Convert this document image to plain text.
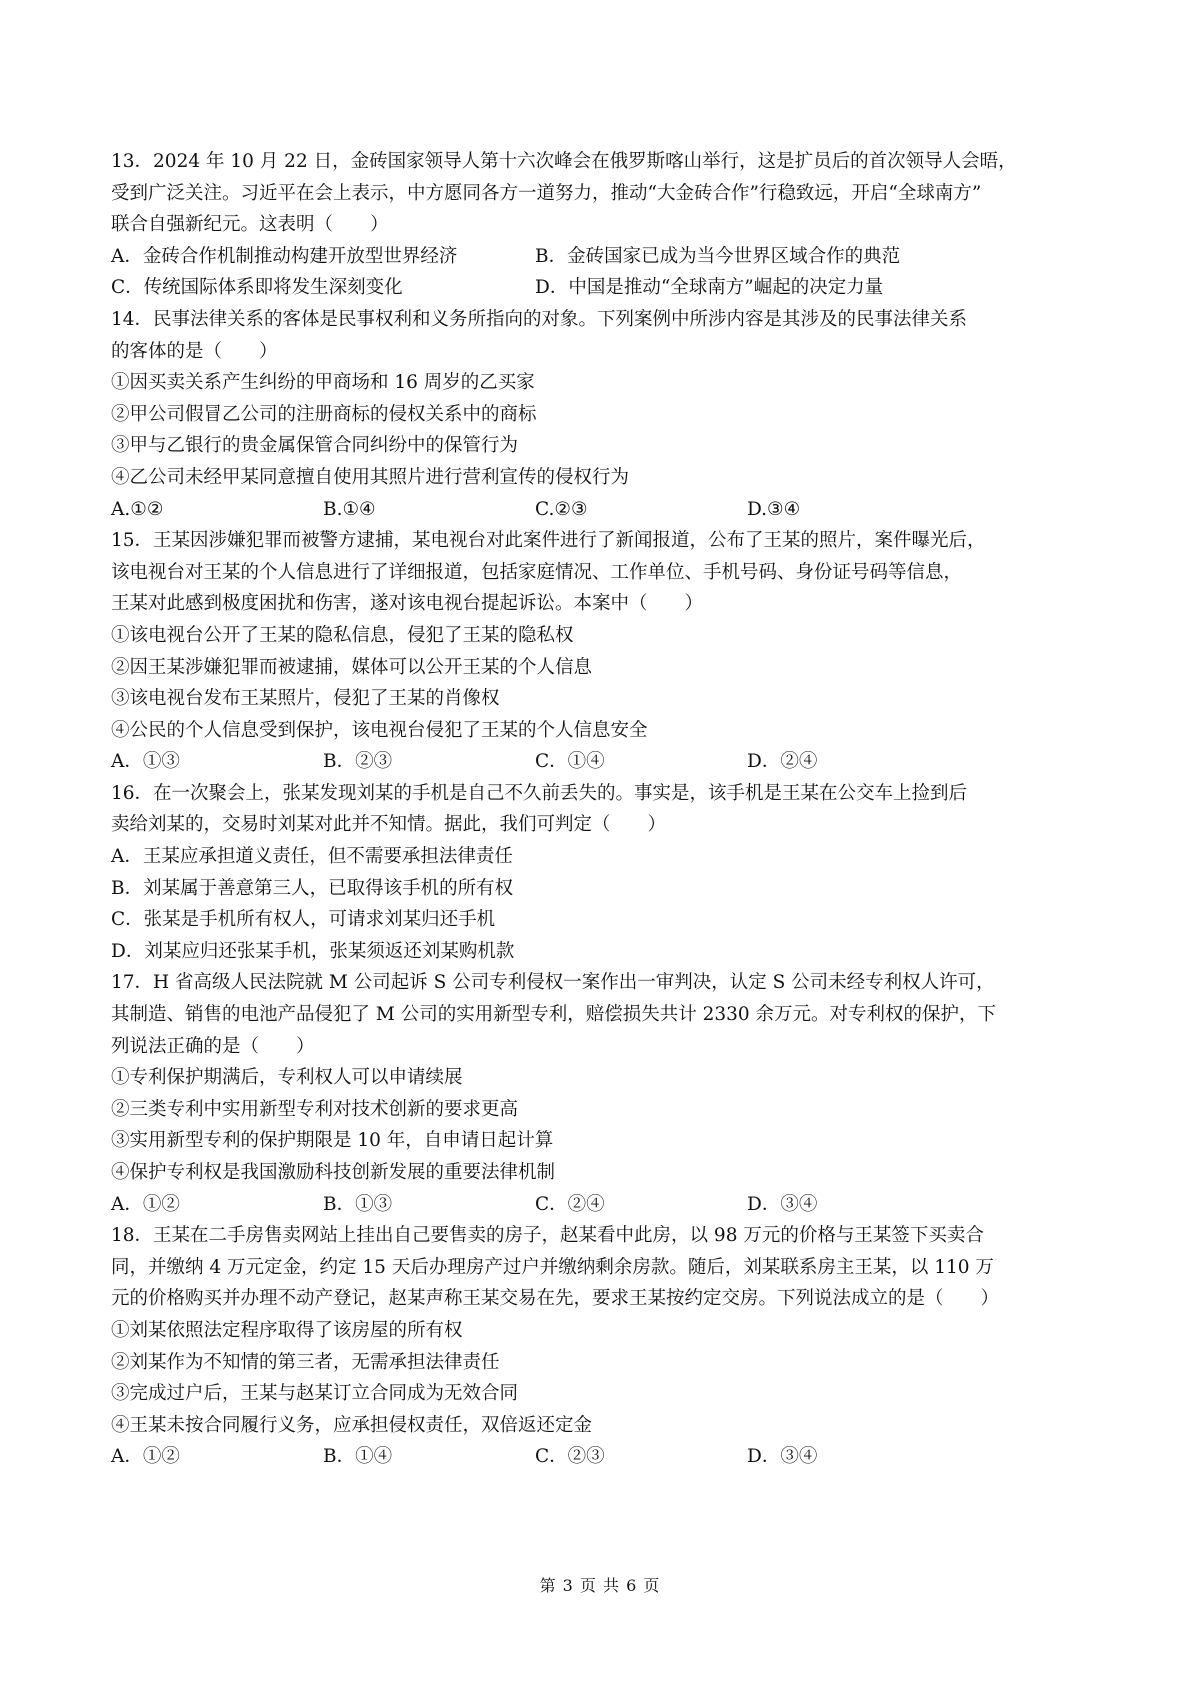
13．2024 年 10 月 22 日，金砖国家领导人第十六次峰会在俄罗斯喀山举行，这是扩员后的首次领导人会晤，
受到广泛关注。习近平在会上表示，中方愿同各方一道努力，推动“大金砖合作”行稳致远，开启“全球南方”
联合自强新纪元。这表明（　　）
A．金砖合作机制推动构建开放型世界经济	B．金砖国家已成为当今世界区域合作的典范
C．传统国际体系即将发生深刻变化	D．中国是推动“全球南方”崛起的决定力量
14．民事法律关系的客体是民事权利和义务所指向的对象。下列案例中所涉内容是其涉及的民事法律关系
的客体的是（　　）
①因买卖关系产生纠纷的甲商场和 16 周岁的乙买家
②甲公司假冒乙公司的注册商标的侵权关系中的商标
③甲与乙银行的贵金属保管合同纠纷中的保管行为
④乙公司未经甲某同意擅自使用其照片进行营利宣传的侵权行为
A.①②	B.①④	C.②③	D.③④
15．王某因涉嫌犯罪而被警方逮捕，某电视台对此案件进行了新闻报道，公布了王某的照片，案件曝光后，
该电视台对王某的个人信息进行了详细报道，包括家庭情况、工作单位、手机号码、身份证号码等信息，
王某对此感到极度困扰和伤害，遂对该电视台提起诉讼。本案中（　　）
①该电视台公开了王某的隐私信息，侵犯了王某的隐私权
②因王某涉嫌犯罪而被逮捕，媒体可以公开王某的个人信息
③该电视台发布王某照片，侵犯了王某的肖像权
④公民的个人信息受到保护，该电视台侵犯了王某的个人信息安全
A．①③	B．②③	C．①④	D．②④
16．在一次聚会上，张某发现刘某的手机是自己不久前丢失的。事实是，该手机是王某在公交车上捡到后
卖给刘某的，交易时刘某对此并不知情。据此，我们可判定（　　）
A．王某应承担道义责任，但不需要承担法律责任
B．刘某属于善意第三人，已取得该手机的所有权
C．张某是手机所有权人，可请求刘某归还手机
D．刘某应归还张某手机，张某须返还刘某购机款
17．H 省高级人民法院就 M 公司起诉 S 公司专利侵权一案作出一审判决，认定 S 公司未经专利权人许可，
其制造、销售的电池产品侵犯了 M 公司的实用新型专利，赔偿损失共计 2330 余万元。对专利权的保护，下
列说法正确的是（　　）
①专利保护期满后，专利权人可以申请续展
②三类专利中实用新型专利对技术创新的要求更高
③实用新型专利的保护期限是 10 年，自申请日起计算
④保护专利权是我国激励科技创新发展的重要法律机制
A．①②	B．①③	C．②④	D．③④
18．王某在二手房售卖网站上挂出自己要售卖的房子，赵某看中此房，以 98 万元的价格与王某签下买卖合
同，并缴纳 4 万元定金，约定 15 天后办理房产过户并缴纳剩余房款。随后，刘某联系房主王某，以 110 万
元的价格购买并办理不动产登记，赵某声称王某交易在先，要求王某按约定交房。下列说法成立的是（　　）
①刘某依照法定程序取得了该房屋的所有权
②刘某作为不知情的第三者，无需承担法律责任
③完成过户后，王某与赵某订立合同成为无效合同
④王某未按合同履行义务，应承担侵权责任，双倍返还定金
A．①②	B．①④	C．②③	D．③④
第 3 页 共 6 页
